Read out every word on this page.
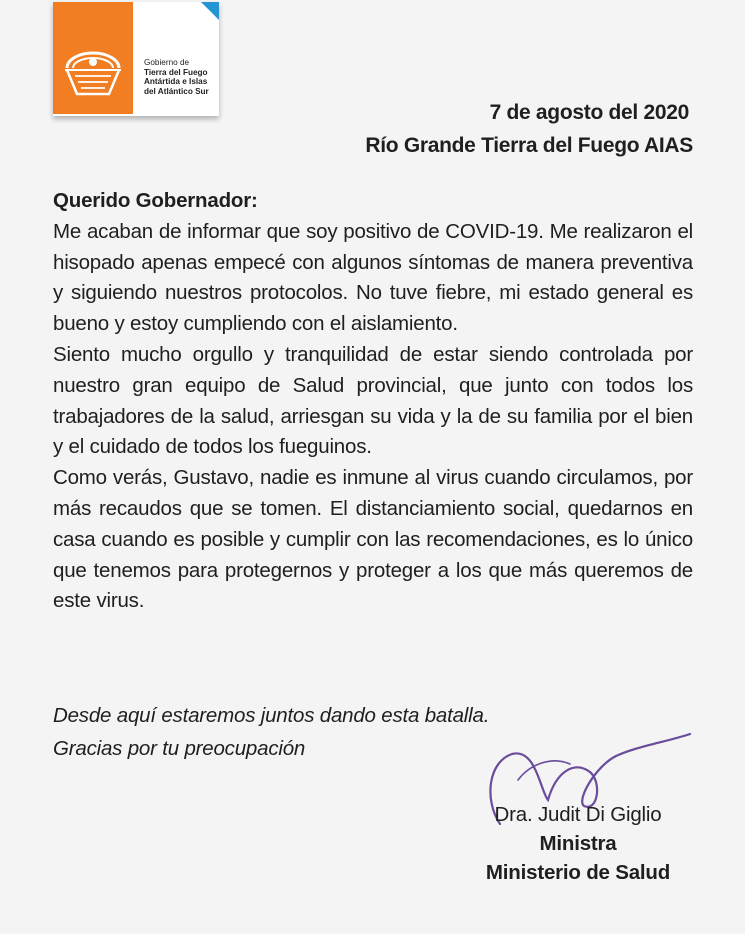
Gobierno de
Tierra del Fuego
Antártida e Islas
del Atlántico Sur

7 de agosto del 2020
Río Grande Tierra del Fuego AIAS
Querido Gobernador:
Me acaban de informar que soy positivo de COVID-19. Me realizaron el hisopado apenas empecé con algunos síntomas de manera preventiva y siguiendo nuestros protocolos. No tuve fiebre, mi estado general es bueno y estoy cumpliendo con el aislamiento.
Siento mucho orgullo y tranquilidad de estar siendo controlada por nuestro gran equipo de Salud provincial, que junto con todos los trabajadores de la salud, arriesgan su vida y la de su familia por el bien y el cuidado de todos los fueguinos.
Como verás, Gustavo, nadie es inmune al virus cuando circulamos, por más recaudos que se tomen. El distanciamiento social, quedarnos en casa cuando es posible y cumplir con las recomendaciones, es lo único que tenemos para protegernos y proteger a los que más queremos de este virus.
Desde aquí estaremos juntos dando esta batalla.
Gracias por tu preocupación
Dra. Judit Di Giglio
Ministra
Ministerio de Salud
